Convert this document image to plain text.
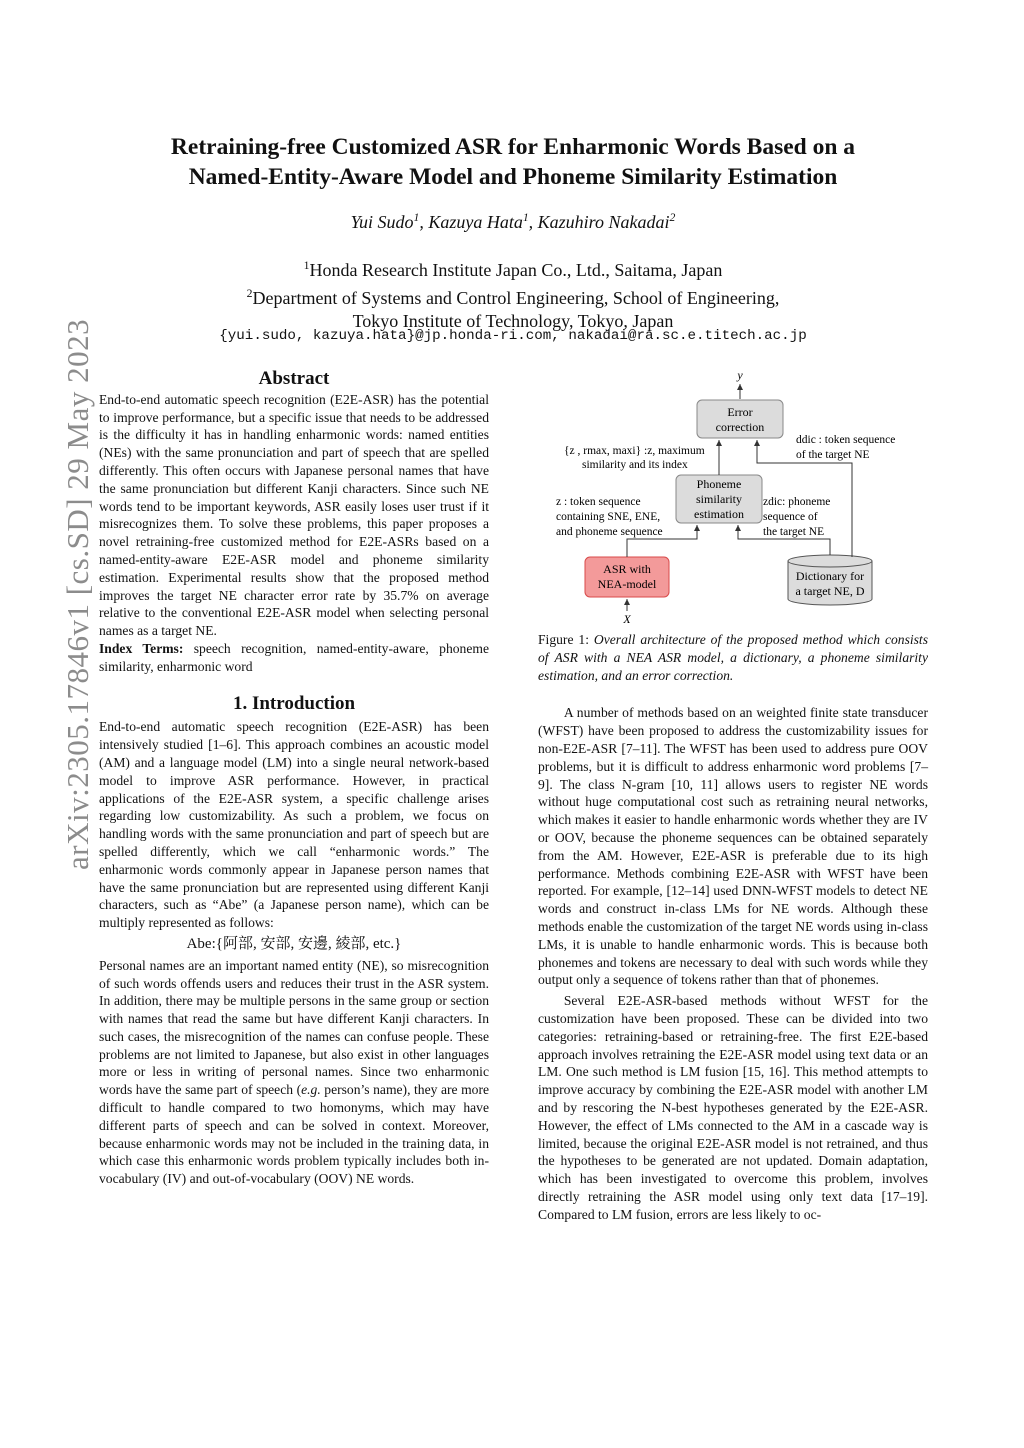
arXiv:2305.17846v1 [cs.SD] 29 May 2023
Retraining-free Customized ASR for Enharmonic Words Based on a
Named-Entity-Aware Model and Phoneme Similarity Estimation
Yui Sudo$^1$, Kazuya Hata$^1$, Kazuhiro Nakadai$^2$
$^1$Honda Research Institute Japan Co., Ltd., Saitama, Japan
$^2$Department of Systems and Control Engineering, School of Engineering,
Tokyo Institute of Technology, Tokyo, Japan
{yui.sudo, kazuya.hata}@jp.honda-ri.com, nakadai@ra.sc.e.titech.ac.jp
Abstract

End-to-end automatic speech recognition (E2E-ASR) has the potential to improve performance, but a specific issue that needs to be addressed is the difficulty it has in handling enharmonic words: named entities (NEs) with the same pronunciation and part of speech that are spelled differently. This often occurs with Japanese personal names that have the same pronunciation but different Kanji characters. Since such NE words tend to be important keywords, ASR easily loses user trust if it misrecognizes them. To solve these problems, this paper proposes a novel retraining-free customized method for E2E-ASRs based on a named-entity-aware E2E-ASR model and phoneme similarity estimation. Experimental results show that the proposed method improves the target NE character error rate by 35.7% on average relative to the conventional E2E-ASR model when selecting personal names as a target NE.

Index Terms: speech recognition, named-entity-aware, phoneme similarity, enharmonic word

1. Introduction

End-to-end automatic speech recognition (E2E-ASR) has been intensively studied [1–6]. This approach combines an acoustic model (AM) and a language model (LM) into a single neural network-based model to improve ASR performance. However, in practical applications of the E2E-ASR system, a specific challenge arises regarding low customizability. As such a problem, we focus on handling words with the same pronunciation and part of speech but are spelled differently, which we call “enharmonic words.” The enharmonic words commonly appear in Japanese person names that have the same pronunciation but are represented using different Kanji characters, such as “Abe” (a Japanese person name), which can be multiply represented as follows:

Abe:{阿部, 安部, 安邊, 綾部, etc.}

Personal names are an important named entity (NE), so misrecognition of such words offends users and reduces their trust in the ASR system. In addition, there may be multiple persons in the same group or section with names that read the same but have different Kanji characters. In such cases, the misrecognition of the names can confuse people. These problems are not limited to Japanese, but also exist in other languages more or less in writing of personal names. Since two enharmonic words have the same part of speech (e.g. person’s name), they are more difficult to handle compared to two homonyms, which may have different parts of speech and can be solved in context. Moreover, because enharmonic words may not be included in the training data, in which case this enharmonic words problem typically includes both in-vocabulary (IV) and out-of-vocabulary (OOV) NE words.

y
Error
correction
Phoneme
similarity
estimation
ASR with
NEA-model
Dictionary for
a target NE, D
X
{z , rmax, maxi} :z, maximum
similarity and its index
z : token sequence
containing SNE, ENE,
and phoneme sequence
ddic : token sequence
of the target NE
zdic: phoneme
sequence of
the target NE

Figure 1: Overall architecture of the proposed method which consists of ASR with a NEA ASR model, a dictionary, a phoneme similarity estimation, and an error correction.

A number of methods based on an weighted finite state transducer (WFST) have been proposed to address the customizability issues for non-E2E-ASR [7–11]. The WFST has been used to address pure OOV problems, but it is difficult to address enharmonic word problems [7–9]. The class N-gram [10, 11] allows users to register NE words without huge computational cost such as retraining neural networks, which makes it easier to handle enharmonic words whether they are IV or OOV, because the phoneme sequences can be obtained separately from the AM. However, E2E-ASR is preferable due to its high performance. Methods combining E2E-ASR with WFST have been reported. For example, [12–14] used DNN-WFST models to detect NE words and construct in-class LMs for NE words. Although these methods enable the customization of the target NE words using in-class LMs, it is unable to handle enharmonic words. This is because both phonemes and tokens are necessary to deal with such words while they output only a sequence of tokens rather than that of phonemes.

Several E2E-ASR-based methods without WFST for the customization have been proposed. These can be divided into two categories: retraining-based or retraining-free. The first E2E-based approach involves retraining the E2E-ASR model using text data or an LM. One such method is LM fusion [15, 16]. This method attempts to improve accuracy by combining the E2E-ASR model with another LM and by rescoring the N-best hypotheses generated by the E2E-ASR. However, the effect of LMs connected to the AM in a cascade way is limited, because the original E2E-ASR model is not retrained, and thus the hypotheses to be generated are not updated. Domain adaptation, which has been investigated to overcome this problem, involves directly retraining the ASR model using only text data [17–19]. Compared to LM fusion, errors are less likely to oc-
